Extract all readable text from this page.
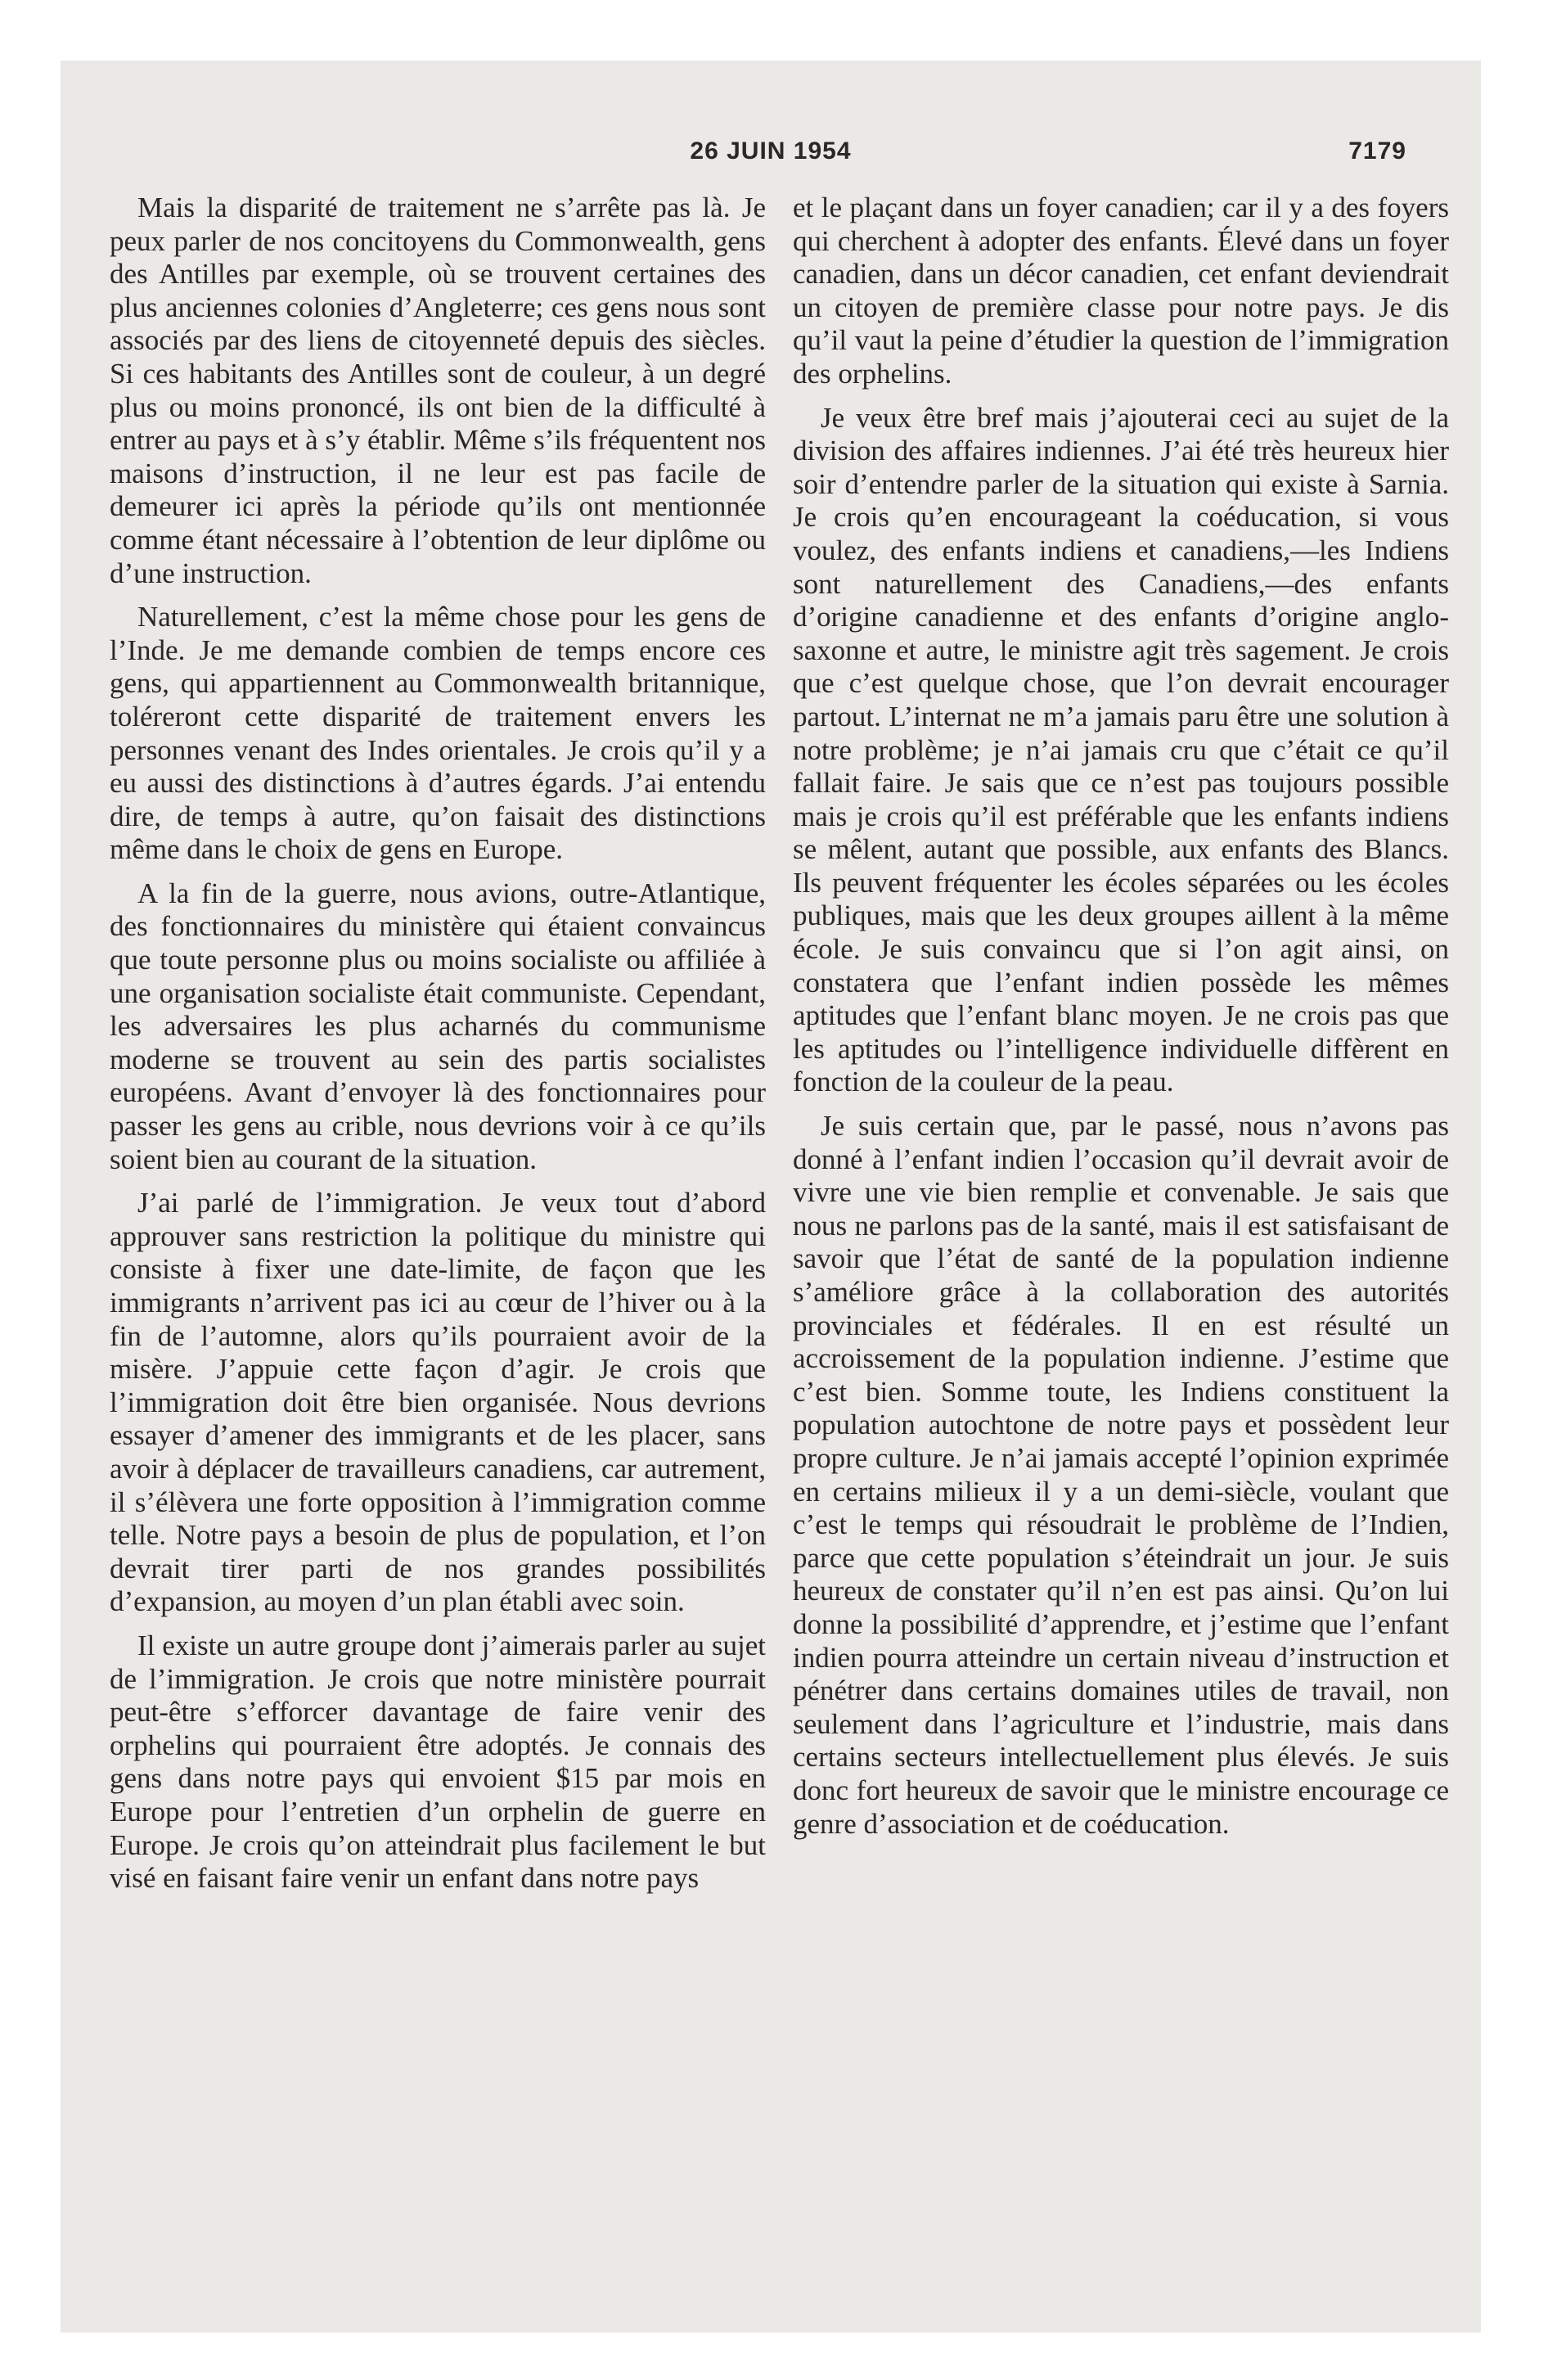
26 JUIN 1954	7179

Mais la disparité de traitement ne s’arrête pas là. Je peux parler de nos concitoyens du Commonwealth, gens des Antilles par exemple, où se trouvent certaines des plus anciennes colonies d’Angleterre; ces gens nous sont associés par des liens de citoyenneté depuis des siècles. Si ces habitants des Antilles sont de couleur, à un degré plus ou moins prononcé, ils ont bien de la difficulté à entrer au pays et à s’y établir. Même s’ils fréquentent nos maisons d’instruction, il ne leur est pas facile de demeurer ici après la période qu’ils ont mentionnée comme étant nécessaire à l’obtention de leur diplôme ou d’une instruction.

Naturellement, c’est la même chose pour les gens de l’Inde. Je me demande combien de temps encore ces gens, qui appartiennent au Commonwealth britannique, toléreront cette disparité de traitement envers les personnes venant des Indes orientales. Je crois qu’il y a eu aussi des distinctions à d’autres égards. J’ai entendu dire, de temps à autre, qu’on faisait des distinctions même dans le choix de gens en Europe.

A la fin de la guerre, nous avions, outre-Atlantique, des fonctionnaires du ministère qui étaient convaincus que toute personne plus ou moins socialiste ou affiliée à une organisation socialiste était communiste. Cependant, les adversaires les plus acharnés du communisme moderne se trouvent au sein des partis socialistes européens. Avant d’envoyer là des fonctionnaires pour passer les gens au crible, nous devrions voir à ce qu’ils soient bien au courant de la situation.

J’ai parlé de l’immigration. Je veux tout d’abord approuver sans restriction la politique du ministre qui consiste à fixer une date-limite, de façon que les immigrants n’arrivent pas ici au cœur de l’hiver ou à la fin de l’automne, alors qu’ils pourraient avoir de la misère. J’appuie cette façon d’agir. Je crois que l’immigration doit être bien organisée. Nous devrions essayer d’amener des immigrants et de les placer, sans avoir à déplacer de travailleurs canadiens, car autrement, il s’élèvera une forte opposition à l’immigration comme telle. Notre pays a besoin de plus de population, et l’on devrait tirer parti de nos grandes possibilités d’expansion, au moyen d’un plan établi avec soin.

Il existe un autre groupe dont j’aimerais parler au sujet de l’immigration. Je crois que notre ministère pourrait peut-être s’efforcer davantage de faire venir des orphelins qui pourraient être adoptés. Je connais des gens dans notre pays qui envoient $15 par mois en Europe pour l’entretien d’un orphelin de guerre en Europe. Je crois qu’on atteindrait plus facilement le but visé en faisant faire venir un enfant dans notre pays

et le plaçant dans un foyer canadien; car il y a des foyers qui cherchent à adopter des enfants. Élevé dans un foyer canadien, dans un décor canadien, cet enfant deviendrait un citoyen de première classe pour notre pays. Je dis qu’il vaut la peine d’étudier la question de l’immigration des orphelins.

Je veux être bref mais j’ajouterai ceci au sujet de la division des affaires indiennes. J’ai été très heureux hier soir d’entendre parler de la situation qui existe à Sarnia. Je crois qu’en encourageant la coéducation, si vous voulez, des enfants indiens et canadiens,—les Indiens sont naturellement des Canadiens,—des enfants d’origine canadienne et des enfants d’origine anglo-saxonne et autre, le ministre agit très sagement. Je crois que c’est quelque chose, que l’on devrait encourager partout. L’internat ne m’a jamais paru être une solution à notre problème; je n’ai jamais cru que c’était ce qu’il fallait faire. Je sais que ce n’est pas toujours possible mais je crois qu’il est préférable que les enfants indiens se mêlent, autant que possible, aux enfants des Blancs. Ils peuvent fréquenter les écoles séparées ou les écoles publiques, mais que les deux groupes aillent à la même école. Je suis convaincu que si l’on agit ainsi, on constatera que l’enfant indien possède les mêmes aptitudes que l’enfant blanc moyen. Je ne crois pas que les aptitudes ou l’intelligence individuelle diffèrent en fonction de la couleur de la peau.

Je suis certain que, par le passé, nous n’avons pas donné à l’enfant indien l’occasion qu’il devrait avoir de vivre une vie bien remplie et convenable. Je sais que nous ne parlons pas de la santé, mais il est satisfaisant de savoir que l’état de santé de la population indienne s’améliore grâce à la collaboration des autorités provinciales et fédérales. Il en est résulté un accroissement de la population indienne. J’estime que c’est bien. Somme toute, les Indiens constituent la population autochtone de notre pays et possèdent leur propre culture. Je n’ai jamais accepté l’opinion exprimée en certains milieux il y a un demi-siècle, voulant que c’est le temps qui résoudrait le problème de l’Indien, parce que cette population s’éteindrait un jour. Je suis heureux de constater qu’il n’en est pas ainsi. Qu’on lui donne la possibilité d’apprendre, et j’estime que l’enfant indien pourra atteindre un certain niveau d’instruction et pénétrer dans certains domaines utiles de travail, non seulement dans l’agriculture et l’industrie, mais dans certains secteurs intellectuellement plus élevés. Je suis donc fort heureux de savoir que le ministre encourage ce genre d’association et de coéducation.
